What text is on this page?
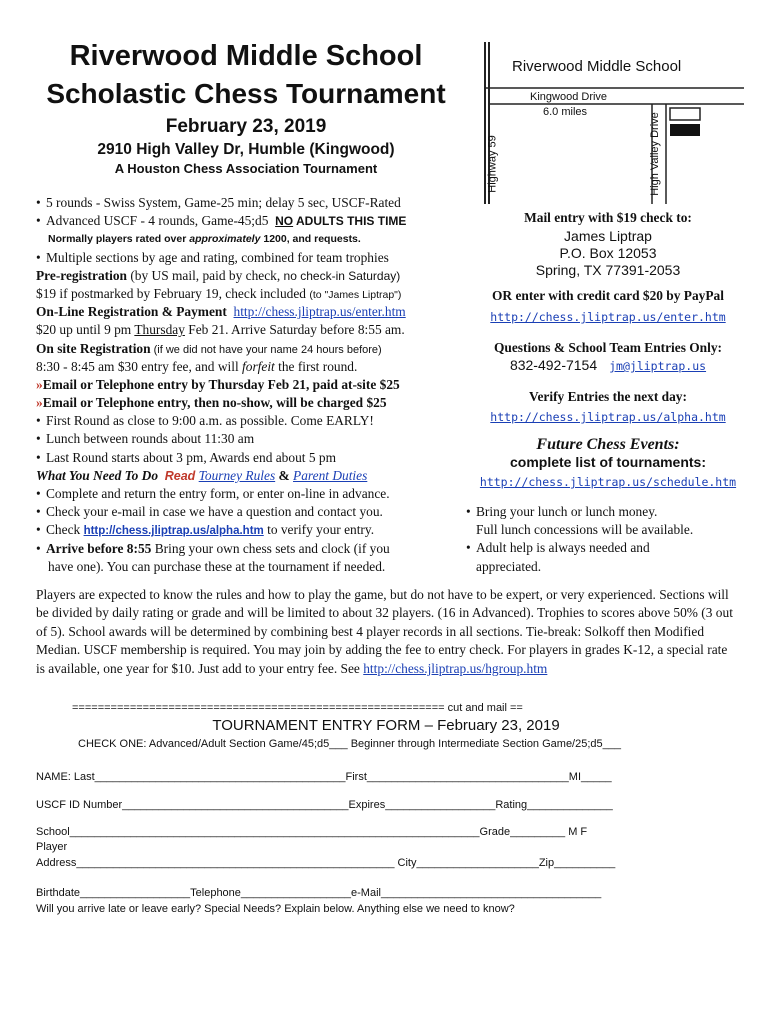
Riverwood Middle School
Scholastic Chess Tournament
February 23, 2019
2910 High Valley Dr, Humble (Kingwood)
A Houston Chess Association Tournament
Riverwood Middle School
Kingwood Drive
6.0 miles
Highway 59	High Valley Drive
• 5 rounds - Swiss System, Game-25 min; delay 5 sec, USCF-Rated
• Advanced USCF - 4 rounds, Game-45;d5 NO ADULTS THIS TIME
Normally players rated over approximately 1200, and requests.
• Multiple sections by age and rating, combined for team trophies
Pre-registration (by US mail, paid by check, no check-in Saturday)
$19 if postmarked by February 19, check included (to "James Liptrap")
On-Line Registration & Payment http://chess.jliptrap.us/enter.htm
$20 up until 9 pm Thursday Feb 21. Arrive Saturday before 8:55 am.
On site Registration (if we did not have your name 24 hours before)
8:30 - 8:45 am $30 entry fee, and will forfeit the first round.
»Email or Telephone entry by Thursday Feb 21, paid at-site $25
»Email or Telephone entry, then no-show, will be charged $25
• First Round as close to 9:00 a.m. as possible. Come EARLY!
• Lunch between rounds about 11:30 am
• Last Round starts about 3 pm, Awards end about 5 pm
What You Need To Do Read Tourney Rules & Parent Duties
• Complete and return the entry form, or enter on-line in advance.
• Check your e-mail in case we have a question and contact you.
• Check http://chess.jliptrap.us/alpha.htm to verify your entry.
• Arrive before 8:55 Bring your own chess sets and clock (if you
have one). You can purchase these at the tournament if needed.
Mail entry with $19 check to:
James Liptrap
P.O. Box 12053
Spring, TX 77391-2053
OR enter with credit card $20 by PayPal
http://chess.jliptrap.us/enter.htm
Questions & School Team Entries Only:
832-492-7154 jm@jliptrap.us
Verify Entries the next day:
http://chess.jliptrap.us/alpha.htm
Future Chess Events:
complete list of tournaments:
http://chess.jliptrap.us/schedule.htm
• Bring your lunch or lunch money.
Full lunch concessions will be available.
• Adult help is always needed and
appreciated.
Players are expected to know the rules and how to play the game, but do not have to be expert, or very experienced. Sections will be divided by daily rating or grade and will be limited to about 32 players. (16 in Advanced). Trophies to scores above 50% (3 out of 5). School awards will be determined by combining best 4 player records in all sections. Tie-break: Solkoff then Modified Median. USCF membership is required. You may join by adding the fee to entry check. For players in grades K-12, a special rate is available, one year for $10. Just add to your entry fee. See http://chess.jliptrap.us/hgroup.htm
========================================================== cut and mail ==
TOURNAMENT ENTRY FORM – February 23, 2019
CHECK ONE: Advanced/Adult Section Game/45;d5___ Beginner through Intermediate Section Game/25;d5___
NAME: Last_________________________________________First_________________________________MI_____
USCF ID Number_____________________________________Expires__________________Rating______________
School___________________________________________________________________Grade_________ M F
Player
Address____________________________________________________ City____________________Zip__________
Birthdate__________________Telephone__________________e-Mail____________________________________
Will you arrive late or leave early? Special Needs? Explain below. Anything else we need to know?
